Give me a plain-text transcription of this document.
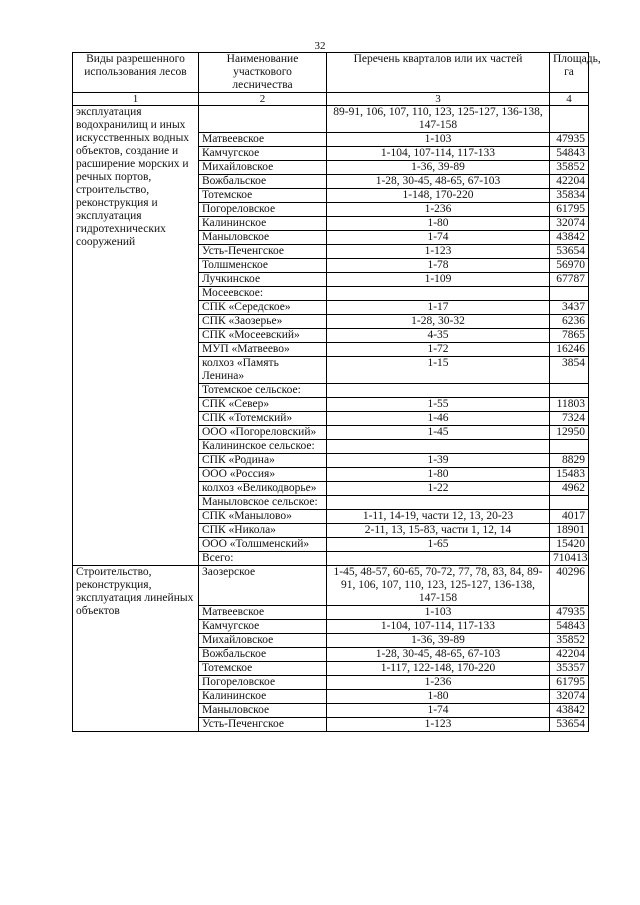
32
Виды разрешенного использования лесов	Наименование участкового лесничества	Перечень кварталов или их частей	Площадь, га
1	2	3	4
эксплуатация водохранилищ и иных искусственных водных объектов, создание и расширение морских и речных портов, строительство, реконструкция и эксплуатация гидротехнических сооружений		89-91, 106, 107, 110, 123, 125-127, 136-138, 147-158	
	Матвеевское	1-103	47935
	Камчугское	1-104, 107-114, 117-133	54843
	Михайловское	1-36, 39-89	35852
	Вожбальское	1-28, 30-45, 48-65, 67-103	42204
	Тотемское	1-148, 170-220	35834
	Погореловское	1-236	61795
	Калининское	1-80	32074
	Маныловское	1-74	43842
	Усть-Печенгское	1-123	53654
	Толшменское	1-78	56970
	Лучкинское	1-109	67787
	Мосеевское:		
	СПК «Середское»	1-17	3437
	СПК «Заозерье»	1-28, 30-32	6236
	СПК «Мосеевский»	4-35	7865
	МУП «Матвеево»	1-72	16246
	колхоз «Память Ленина»	1-15	3854
	Тотемское сельское:		
	СПК «Север»	1-55	11803
	СПК «Тотемский»	1-46	7324
	ООО «Погореловский»	1-45	12950
	Калининское сельское:		
	СПК «Родина»	1-39	8829
	ООО «Россия»	1-80	15483
	колхоз «Великодворье»	1-22	4962
	Маныловское сельское:		
	СПК «Маныловo»	1-11, 14-19, части 12, 13, 20-23	4017
	СПК «Никола»	2-11, 13, 15-83, части 1, 12, 14	18901
	ООО «Толшменский»	1-65	15420
	Всего:		710413
Строительство, реконструкция, эксплуатация линейных объектов	Заозерское	1-45, 48-57, 60-65, 70-72, 77, 78, 83, 84, 89-91, 106, 107, 110, 123, 125-127, 136-138, 147-158	40296
	Матвеевское	1-103	47935
	Камчугское	1-104, 107-114, 117-133	54843
	Михайловское	1-36, 39-89	35852
	Вожбальское	1-28, 30-45, 48-65, 67-103	42204
	Тотемское	1-117, 122-148, 170-220	35357
	Погореловское	1-236	61795
	Калининское	1-80	32074
	Маныловское	1-74	43842
	Усть-Печенгское	1-123	53654
